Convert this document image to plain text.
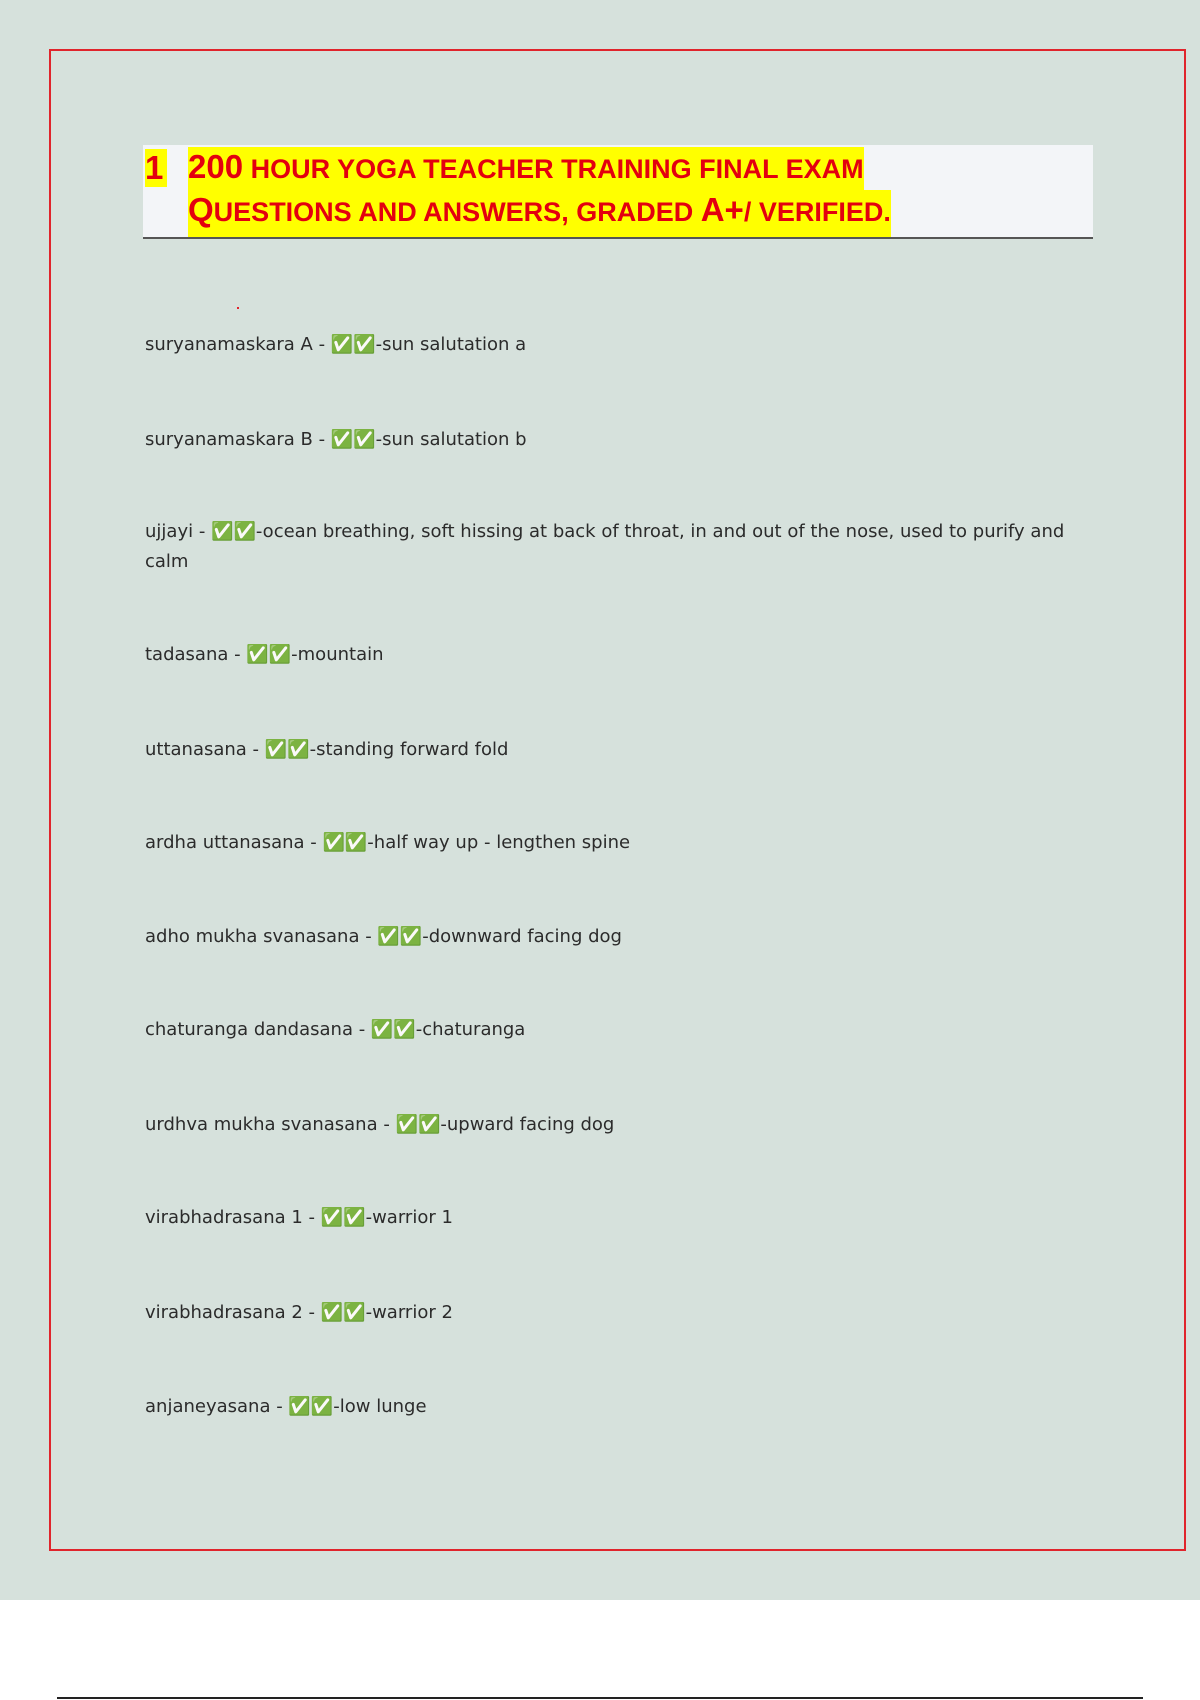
1 200 HOUR YOGA TEACHER TRAINING FINAL EXAM
QUESTIONS AND ANSWERS, GRADED A+/ VERIFIED.
suryanamaskara A - ✅✅-sun salutation a
suryanamaskara B - ✅✅-sun salutation b
ujjayi - ✅✅-ocean breathing, soft hissing at back of throat, in and out of the nose, used to purify and calm
tadasana - ✅✅-mountain
uttanasana - ✅✅-standing forward fold
ardha uttanasana - ✅✅-half way up - lengthen spine
adho mukha svanasana - ✅✅-downward facing dog
chaturanga dandasana - ✅✅-chaturanga
urdhva mukha svanasana - ✅✅-upward facing dog
virabhadrasana 1 - ✅✅-warrior 1
virabhadrasana 2 - ✅✅-warrior 2
anjaneyasana - ✅✅-low lunge
